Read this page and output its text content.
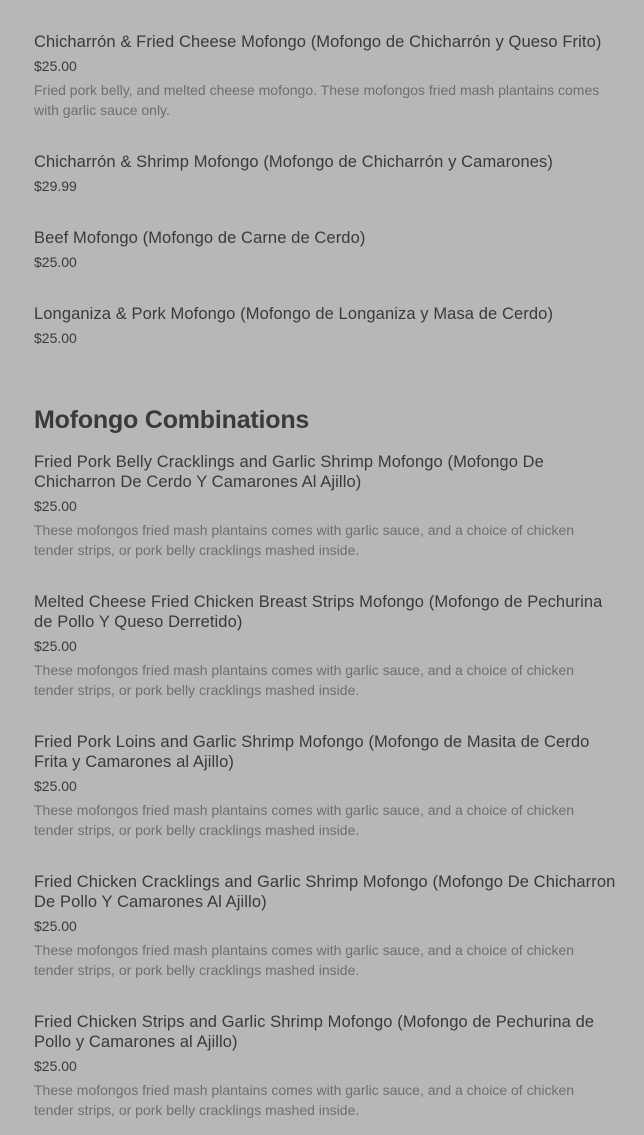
Chicharrón & Fried Cheese Mofongo (Mofongo de Chicharrón y Queso Frito)
$25.00
Fried pork belly, and melted cheese mofongo. These mofongos fried mash plantains comes with garlic sauce only.
Chicharrón & Shrimp Mofongo (Mofongo de Chicharrón y Camarones)
$29.99
Beef Mofongo (Mofongo de Carne de Cerdo)
$25.00
Longaniza & Pork Mofongo (Mofongo de Longaniza y Masa de Cerdo)
$25.00
Mofongo Combinations
Fried Pork Belly Cracklings and Garlic Shrimp Mofongo (Mofongo De Chicharron De Cerdo Y Camarones Al Ajillo)
$25.00
These mofongos fried mash plantains comes with garlic sauce, and a choice of chicken tender strips, or pork belly cracklings mashed inside.
Melted Cheese Fried Chicken Breast Strips Mofongo (Mofongo de Pechurina de Pollo Y Queso Derretido)
$25.00
These mofongos fried mash plantains comes with garlic sauce, and a choice of chicken tender strips, or pork belly cracklings mashed inside.
Fried Pork Loins and Garlic Shrimp Mofongo (Mofongo de Masita de Cerdo Frita y Camarones al Ajillo)
$25.00
These mofongos fried mash plantains comes with garlic sauce, and a choice of chicken tender strips, or pork belly cracklings mashed inside.
Fried Chicken Cracklings and Garlic Shrimp Mofongo (Mofongo De Chicharron De Pollo Y Camarones Al Ajillo)
$25.00
These mofongos fried mash plantains comes with garlic sauce, and a choice of chicken tender strips, or pork belly cracklings mashed inside.
Fried Chicken Strips and Garlic Shrimp Mofongo (Mofongo de Pechurina de Pollo y Camarones al Ajillo)
$25.00
These mofongos fried mash plantains comes with garlic sauce, and a choice of chicken tender strips, or pork belly cracklings mashed inside.
